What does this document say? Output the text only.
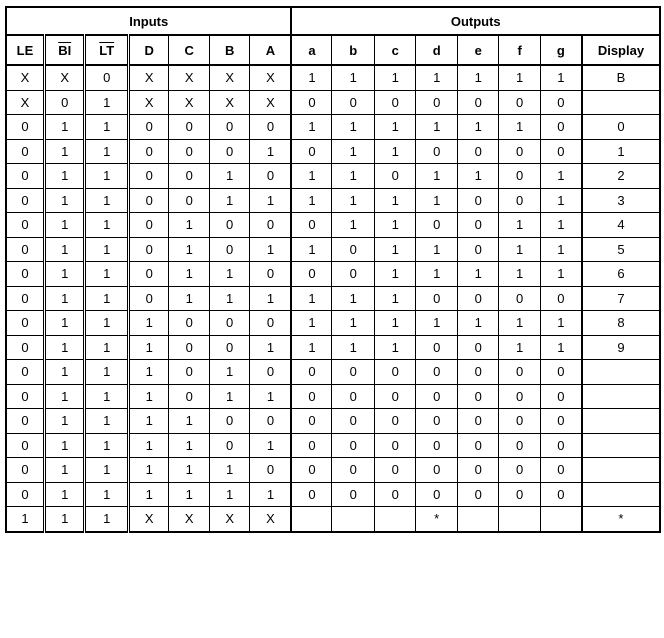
Inputs							Outputs							
LE	$\overline{BI}$	$\overline{LT}$	D	C	B	A	a	b	c	d	e	f	g	Display
X	X	0	X	X	X	X	1	1	1	1	1	1	1	B
X	0	1	X	X	X	X	0	0	0	0	0	0	0	
0	1	1	0	0	0	0	1	1	1	1	1	1	0	0
0	1	1	0	0	0	1	0	1	1	0	0	0	0	1
0	1	1	0	0	1	0	1	1	0	1	1	0	1	2
0	1	1	0	0	1	1	1	1	1	1	0	0	1	3
0	1	1	0	1	0	0	0	1	1	0	0	1	1	4
0	1	1	0	1	0	1	1	0	1	1	0	1	1	5
0	1	1	0	1	1	0	0	0	1	1	1	1	1	6
0	1	1	0	1	1	1	1	1	1	0	0	0	0	7
0	1	1	1	0	0	0	1	1	1	1	1	1	1	8
0	1	1	1	0	0	1	1	1	1	0	0	1	1	9
0	1	1	1	0	1	0	0	0	0	0	0	0	0	
0	1	1	1	0	1	1	0	0	0	0	0	0	0	
0	1	1	1	1	0	0	0	0	0	0	0	0	0	
0	1	1	1	1	0	1	0	0	0	0	0	0	0	
0	1	1	1	1	1	0	0	0	0	0	0	0	0	
0	1	1	1	1	1	1	0	0	0	0	0	0	0	
1	1	1	X	X	X	X				*				*
